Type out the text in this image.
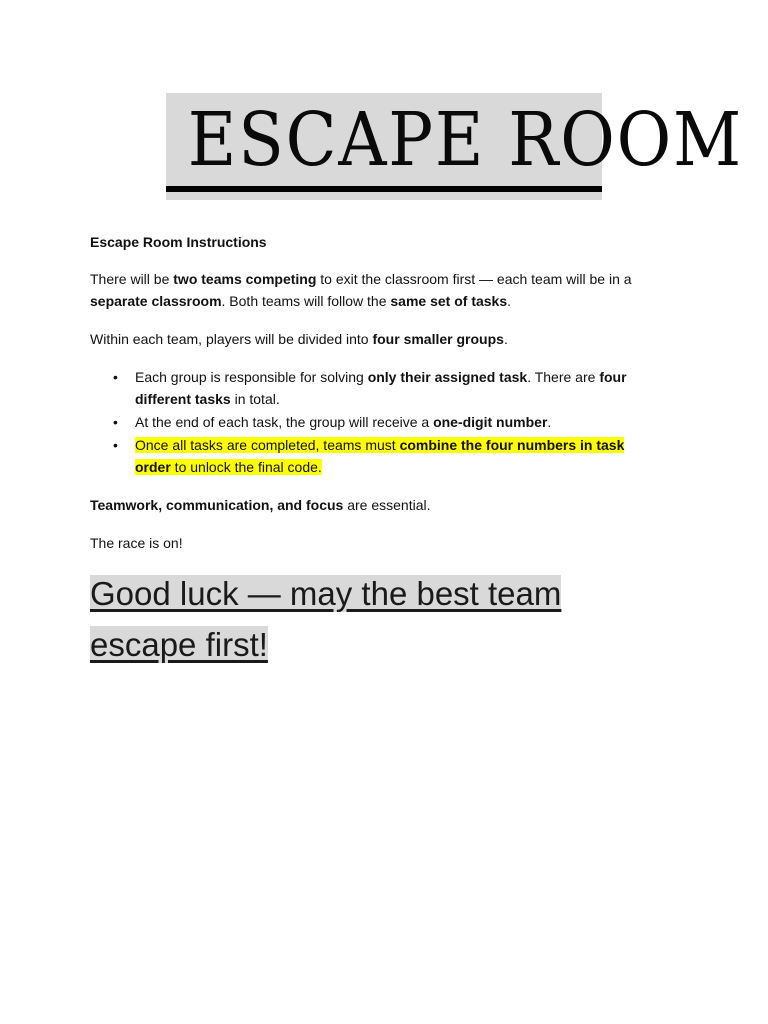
ESCAPE ROOM

Escape Room Instructions

There will be two teams competing to exit the classroom first — each team will be in a separate classroom. Both teams will follow the same set of tasks.

Within each team, players will be divided into four smaller groups.

• Each group is responsible for solving only their assigned task. There are four different tasks in total.
• At the end of each task, the group will receive a one-digit number.
• Once all tasks are completed, teams must combine the four numbers in task order to unlock the final code.

Teamwork, communication, and focus are essential.

The race is on!

Good luck — may the best team escape first!
